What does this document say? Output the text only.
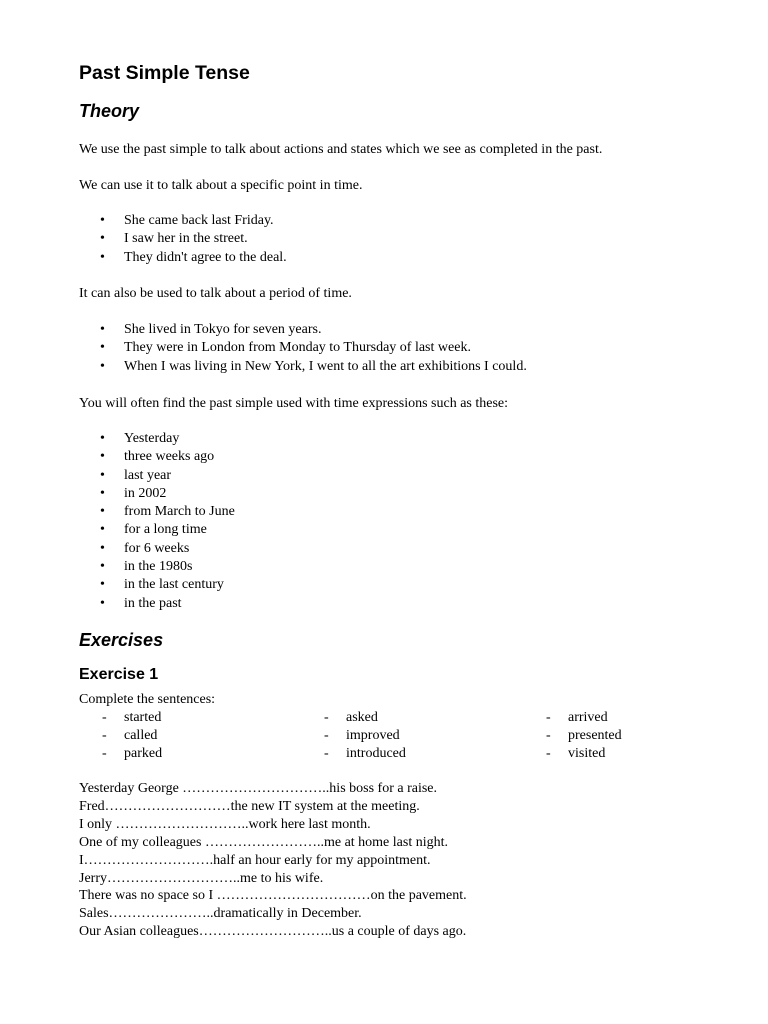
Past Simple Tense
Theory

We use the past simple to talk about actions and states which we see as completed in the past.

We can use it to talk about a specific point in time.

• She came back last Friday.
• I saw her in the street.
• They didn't agree to the deal.

It can also be used to talk about a period of time.

• She lived in Tokyo for seven years.
• They were in London from Monday to Thursday of last week.
• When I was living in New York, I went to all the art exhibitions I could.

You will often find the past simple used with time expressions such as these:

• Yesterday
• three weeks ago
• last year
• in 2002
• from March to June
• for a long time
• for 6 weeks
• in the 1980s
• in the last century
• in the past
Exercises
Exercise 1

Complete the sentences:

- started
- called
- parked
- asked
- improved
- introduced
- arrived
- presented
- visited
Yesterday George …………………………..his boss for a raise.
Fred………………………the new IT system at the meeting.
I only ………………………..work here last month.
One of my colleagues ……………………..me at home last night.
I……………………….half an hour early for my appointment.
Jerry………………………..me to his wife.
There was no space so I ……………………………on the pavement.
Sales…………………..dramatically in December.
Our Asian colleagues………………………..us a couple of days ago.
